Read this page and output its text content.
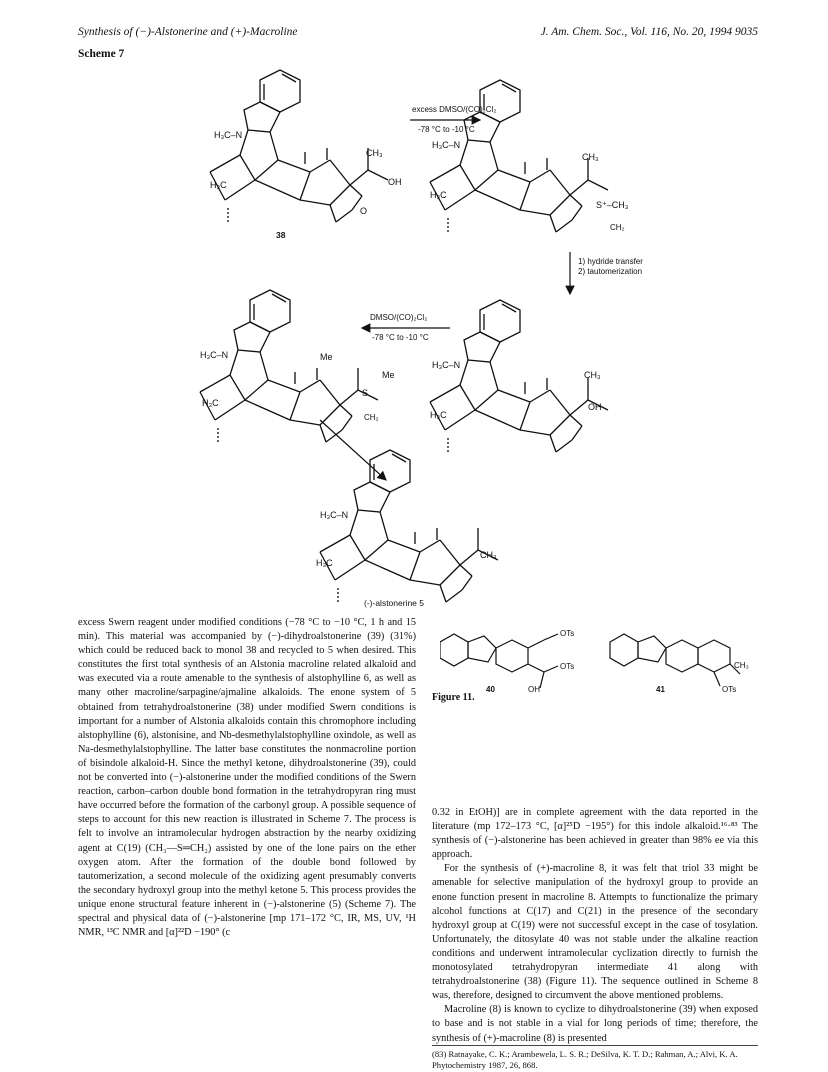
Synthesis of (−)-Alstonerine and (+)-Macroline	J. Am. Chem. Soc., Vol. 116, No. 20, 1994 9035
Scheme 7
H₃C–N
CH₃
OH
H₃C
O
38
excess DMSO/(CO)₂Cl₂
-78 °C to -10 °C
H₃C–N
CH₃
H₃C
S⁺–CH₃
CH₂
1) hydride transfer
2) tautomerization
H₃C–N
CH₃
OH
H₃C
DMSO/(CO)₂Cl₂
-78 °C to -10 °C
H₃C–N	Me
Me
S
CH₂
H₃C
H₃C–N
CH₃
H₃C
(-)-alstonerine 5
OTs
OTs
OH
40
CH₃
OTs
41
Figure 11.

excess Swern reagent under modified conditions (−78 °C to −10 °C, 1 h and 15 min). This material was accompanied by (−)-dihydroalstonerine (39) (31%) which could be reduced back to monol 38 and recycled to 5 when desired. This constitutes the first total synthesis of an Alstonia macroline related alkaloid and was executed via a route amenable to the synthesis of alstophylline 6, as well as many other macroline/sarpagine/ajmaline alkaloids. The enone system of 5 obtained from tetrahydroalstonerine (38) under modified Swern conditions is important for a number of Alstonia alkaloids contain this chromophore including alstophylline (6), alstonisine, and Nb-desmethylalstophylline oxindole, as well as Na-desmethylalstophylline. The latter base constitutes the nonmacroline portion of bisindole alkaloid-H. Since the methyl ketone, dihydroalstonerine (39), could not be converted into (−)-alstonerine under the modified conditions of the Swern reaction, carbon–carbon double bond formation in the tetrahydropyran ring must have occurred before the formation of the carbonyl group. A possible sequence of steps to account for this new reaction is illustrated in Scheme 7. The process is felt to involve an intramolecular hydrogen abstraction by the nearby oxidizing agent at C(19) (CH₃—S═CH₂) assisted by one of the lone pairs on the ether oxygen atom. After the formation of the double bond followed by tautomerization, a second molecule of the oxidizing agent presumably converts the secondary hydroxyl group into the methyl ketone 5. This process provides the unique enone structural feature inherent in (−)-alstonerine (5) (Scheme 7). The spectral and physical data of (−)-alstonerine [mp 171–172 °C, IR, MS, UV, ¹H NMR, ¹³C NMR and [α]²²D −190° (c

0.32 in EtOH)] are in complete agreement with the data reported in the literature (mp 172–173 °C, [α]²⁵D −195°) for this indole alkaloid.¹⁶·⁸³ The synthesis of (−)-alstonerine has been achieved in greater than 98% ee via this approach.

For the synthesis of (+)-macroline 8, it was felt that triol 33 might be amenable for selective manipulation of the hydroxyl group to provide an enone function present in macroline 8. Attempts to functionalize the primary alcohol functions at C(17) and C(21) in the presence of the secondary hydroxyl group at C(19) were not successful except in the case of tosylation. Unfortunately, the ditosylate 40 was not stable under the alkaline reaction conditions and underwent intramolecular cyclization directly to furnish the monotosylated tetrahydropyran intermediate 41 along with tetrahydroalstonerine (38) (Figure 11). The sequence outlined in Scheme 8 was, therefore, designed to circumvent the above mentioned problems.

Macroline (8) is known to cyclize to dihydroalstonerine (39) when exposed to base and is not stable in a vial for long periods of time; therefore, the synthesis of (+)-macroline (8) is presented

(83) Ratnayake, C. K.; Arambewela, L. S. R.; DeSilva, K. T. D.; Rahman, A.; Alvi, K. A. Phytochemistry 1987, 26, 868.
